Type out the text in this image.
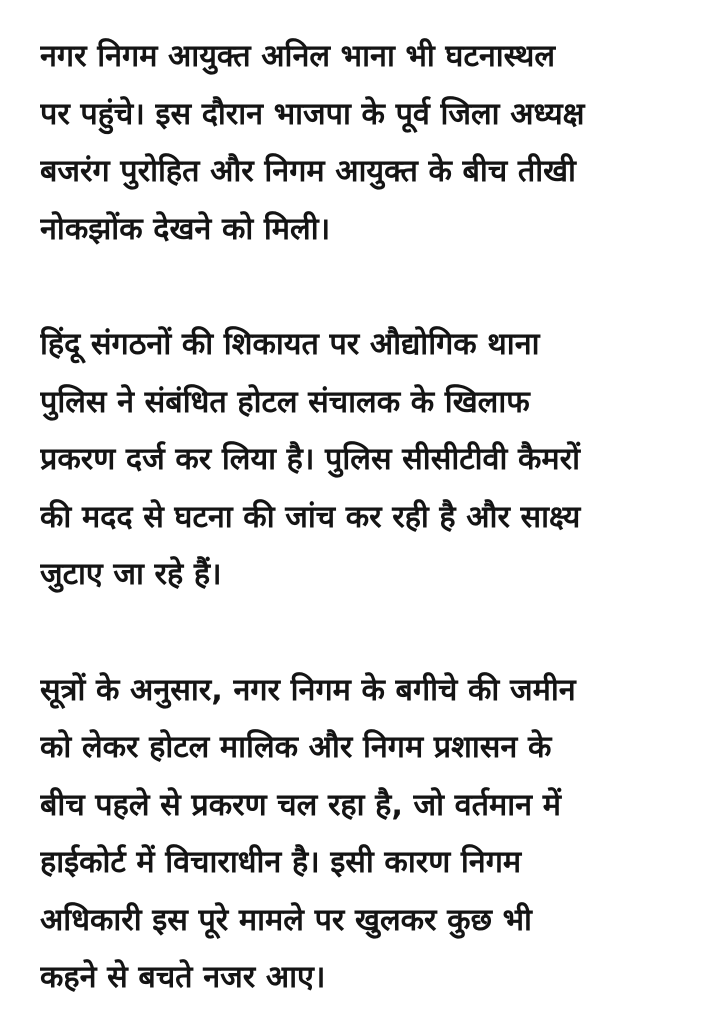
नगर निगम आयुक्त अनिल भाना भी घटनास्थल
पर पहुंचे। इस दौरान भाजपा के पूर्व जिला अध्यक्ष
बजरंग पुरोहित और निगम आयुक्त के बीच तीखी
नोकझोंक देखने को मिली।

हिंदू संगठनों की शिकायत पर औद्योगिक थाना
पुलिस ने संबंधित होटल संचालक के खिलाफ
प्रकरण दर्ज कर लिया है। पुलिस सीसीटीवी कैमरों
की मदद से घटना की जांच कर रही है और साक्ष्य
जुटाए जा रहे हैं।

सूत्रों के अनुसार, नगर निगम के बगीचे की जमीन
को लेकर होटल मालिक और निगम प्रशासन के
बीच पहले से प्रकरण चल रहा है, जो वर्तमान में
हाईकोर्ट में विचाराधीन है। इसी कारण निगम
अधिकारी इस पूरे मामले पर खुलकर कुछ भी
कहने से बचते नजर आए।
